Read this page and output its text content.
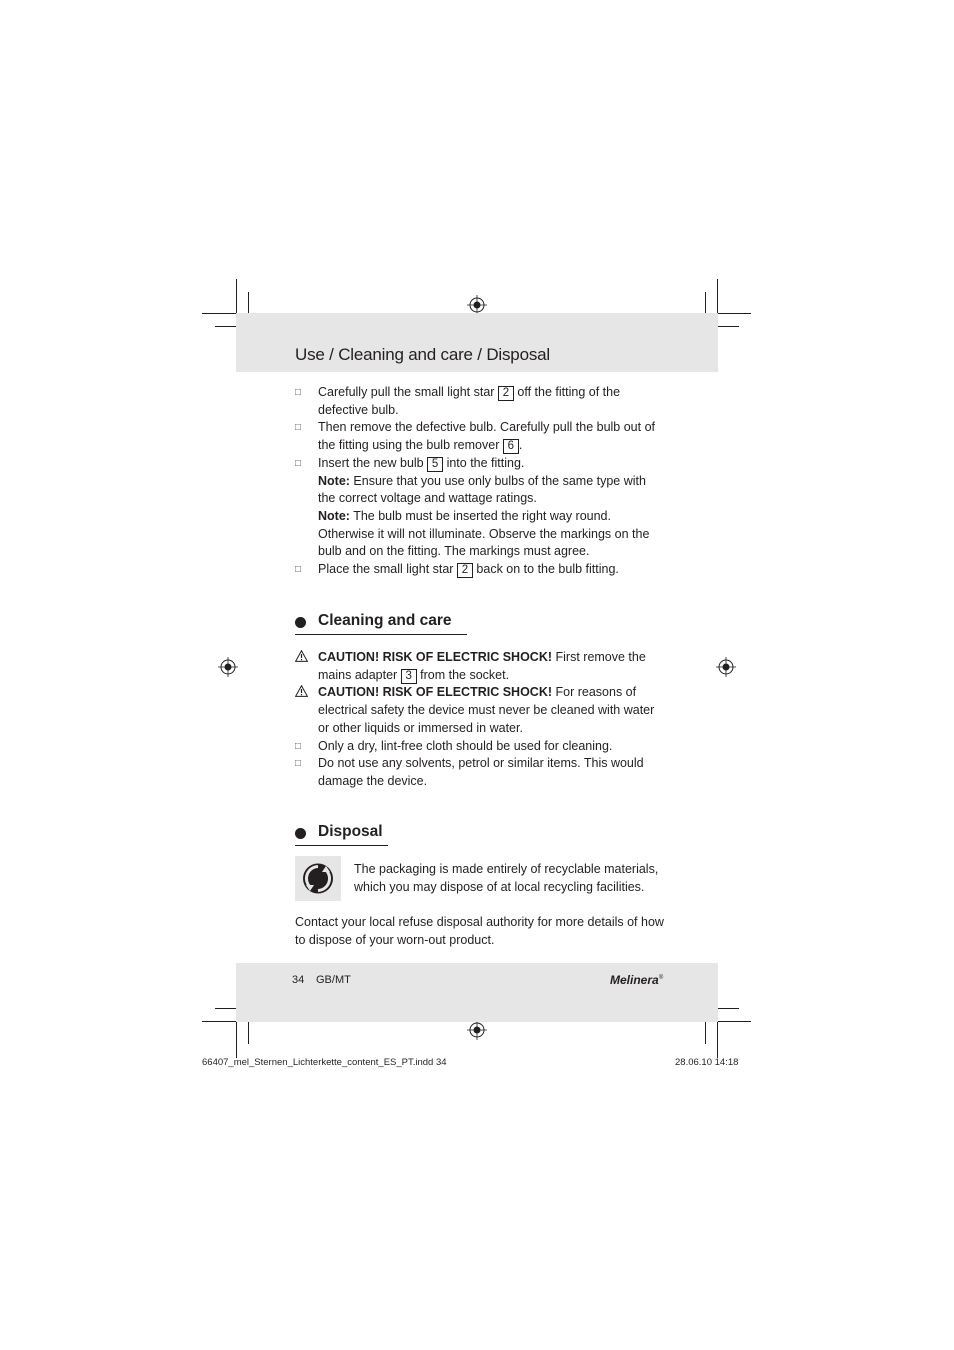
Use / Cleaning and care / Disposal

□ Carefully pull the small light star 2 off the fitting of the defective bulb.

□ Then remove the defective bulb. Carefully pull the bulb out of the fitting using the bulb remover 6 .

□ Insert the new bulb 5 into the fitting.

Note: Ensure that you use only bulbs of the same type with the correct voltage and wattage ratings.

Note: The bulb must be inserted the right way round. Otherwise it will not illuminate. Observe the markings on the bulb and on the fitting. The markings must agree.

□ Place the small light star 2 back on to the bulb fitting.

Cleaning and care

CAUTION! RISK OF ELECTRIC SHOCK! First remove the mains adapter 3 from the socket.

CAUTION! RISK OF ELECTRIC SHOCK! For reasons of electrical safety the device must never be cleaned with water or other liquids or immersed in water.

□ Only a dry, lint-free cloth should be used for cleaning.

□ Do not use any solvents, petrol or similar items. This would damage the device.

Disposal
The packaging is made entirely of recyclable materials, which you may dispose of at local recycling facilities.
Contact your local refuse disposal authority for more details of how to dispose of your worn-out product.
34 GB/MT	Melinera®
66407_mel_Sternen_Lichterkette_content_ES_PT.indd 34	28.06.10 14:18
